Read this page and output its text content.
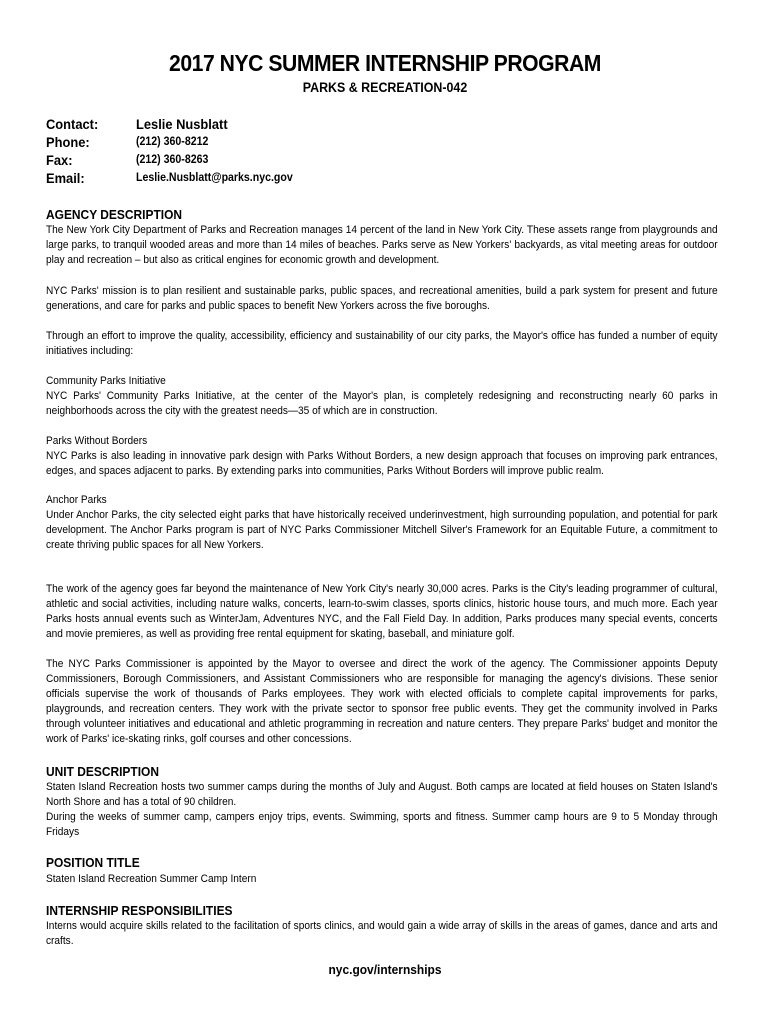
2017 NYC SUMMER INTERNSHIP PROGRAM
PARKS & RECREATION-042
Contact:	Leslie Nusblatt
Phone:	(212) 360-8212
Fax:	(212) 360-8263
Email:	Leslie.Nusblatt@parks.nyc.gov
AGENCY DESCRIPTION
The New York City Department of Parks and Recreation manages 14 percent of the land in New York City. These assets range from playgrounds and large parks, to tranquil wooded areas and more than 14 miles of beaches. Parks serve as New Yorkers' backyards, as vital meeting areas for outdoor play and recreation – but also as critical engines for economic growth and development.
NYC Parks' mission is to plan resilient and sustainable parks, public spaces, and recreational amenities, build a park system for present and future generations, and care for parks and public spaces to benefit New Yorkers across the five boroughs.
Through an effort to improve the quality, accessibility, efficiency and sustainability of our city parks, the Mayor's office has funded a number of equity initiatives including:
Community Parks Initiative
NYC Parks' Community Parks Initiative, at the center of the Mayor's plan, is completely redesigning and reconstructing nearly 60 parks in neighborhoods across the city with the greatest needs—35 of which are in construction.
Parks Without Borders
NYC Parks is also leading in innovative park design with Parks Without Borders, a new design approach that focuses on improving park entrances, edges, and spaces adjacent to parks. By extending parks into communities, Parks Without Borders will improve public realm.
Anchor Parks
Under Anchor Parks, the city selected eight parks that have historically received underinvestment, high surrounding population, and potential for park development. The Anchor Parks program is part of NYC Parks Commissioner Mitchell Silver's Framework for an Equitable Future, a commitment to create thriving public spaces for all New Yorkers.
The work of the agency goes far beyond the maintenance of New York City's nearly 30,000 acres. Parks is the City's leading programmer of cultural, athletic and social activities, including nature walks, concerts, learn-to-swim classes, sports clinics, historic house tours, and much more. Each year Parks hosts annual events such as WinterJam, Adventures NYC, and the Fall Field Day. In addition, Parks produces many special events, concerts and movie premieres, as well as providing free rental equipment for skating, baseball, and miniature golf.
The NYC Parks Commissioner is appointed by the Mayor to oversee and direct the work of the agency. The Commissioner appoints Deputy Commissioners, Borough Commissioners, and Assistant Commissioners who are responsible for managing the agency's divisions. These senior officials supervise the work of thousands of Parks employees. They work with elected officials to complete capital improvements for parks, playgrounds, and recreation centers. They work with the private sector to sponsor free public events. They get the community involved in Parks through volunteer initiatives and educational and athletic programming in recreation and nature centers. They prepare Parks' budget and monitor the work of Parks' ice-skating rinks, golf courses and other concessions.
UNIT DESCRIPTION
Staten Island Recreation hosts two summer camps during the months of July and August. Both camps are located at field houses on Staten Island's North Shore and has a total of 90 children.
During the weeks of summer camp, campers enjoy trips, events. Swimming, sports and fitness. Summer camp hours are 9 to 5 Monday through Fridays
POSITION TITLE
Staten Island Recreation Summer Camp Intern
INTERNSHIP RESPONSIBILITIES
Interns would acquire skills related to the facilitation of sports clinics, and would gain a wide array of skills in the areas of games, dance and arts and crafts.
nyc.gov/internships
